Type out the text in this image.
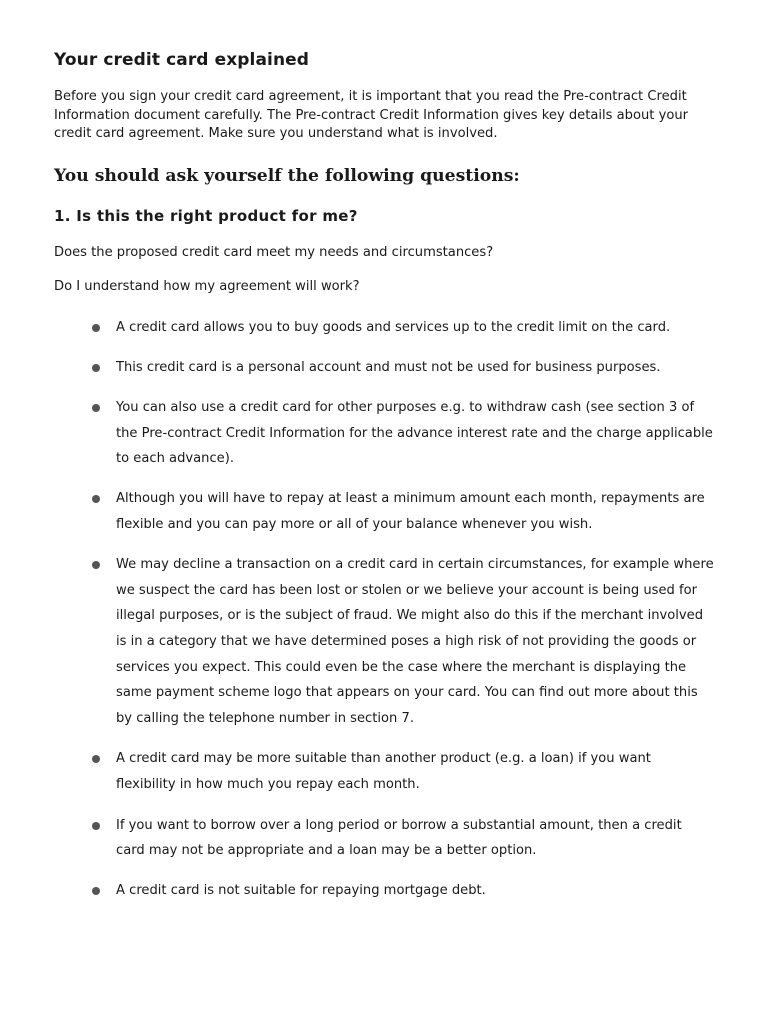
Your credit card explained

Before you sign your credit card agreement, it is important that you read the Pre-contract Credit Information document carefully. The Pre-contract Credit Information gives key details about your credit card agreement. Make sure you understand what is involved.

You should ask yourself the following questions:
1. Is this the right product for me?

Does the proposed credit card meet my needs and circumstances?

Do I understand how my agreement will work?

A credit card allows you to buy goods and services up to the credit limit on the card.
This credit card is a personal account and must not be used for business purposes.
You can also use a credit card for other purposes e.g. to withdraw cash (see section 3 of the Pre-contract Credit Information for the advance interest rate and the charge applicable to each advance).
Although you will have to repay at least a minimum amount each month, repayments are flexible and you can pay more or all of your balance whenever you wish.
We may decline a transaction on a credit card in certain circumstances, for example where we suspect the card has been lost or stolen or we believe your account is being used for illegal purposes, or is the subject of fraud. We might also do this if the merchant involved is in a category that we have determined poses a high risk of not providing the goods or services you expect. This could even be the case where the merchant is displaying the same payment scheme logo that appears on your card. You can find out more about this by calling the telephone number in section 7.
A credit card may be more suitable than another product (e.g. a loan) if you want flexibility in how much you repay each month.
If you want to borrow over a long period or borrow a substantial amount, then a credit card may not be appropriate and a loan may be a better option.
A credit card is not suitable for repaying mortgage debt.
